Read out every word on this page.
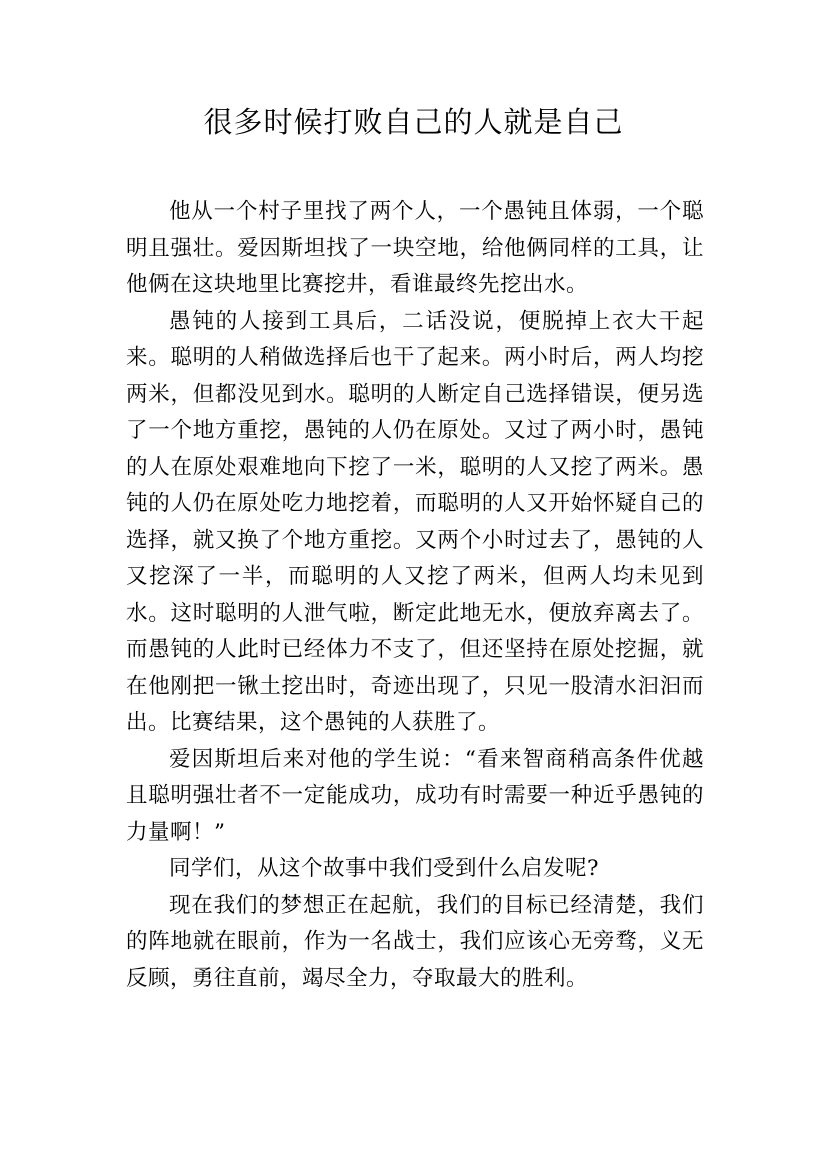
很多时候打败自己的人就是自己

他从一个村子里找了两个人，一个愚钝且体弱，一个聪明且强壮。爱因斯坦找了一块空地，给他俩同样的工具，让他俩在这块地里比赛挖井，看谁最终先挖出水。

愚钝的人接到工具后，二话没说，便脱掉上衣大干起来。聪明的人稍做选择后也干了起来。两小时后，两人均挖两米，但都没见到水。聪明的人断定自己选择错误，便另选了一个地方重挖，愚钝的人仍在原处。又过了两小时，愚钝的人在原处艰难地向下挖了一米，聪明的人又挖了两米。愚钝的人仍在原处吃力地挖着，而聪明的人又开始怀疑自己的选择，就又换了个地方重挖。又两个小时过去了，愚钝的人又挖深了一半，而聪明的人又挖了两米，但两人均未见到水。这时聪明的人泄气啦，断定此地无水，便放弃离去了。而愚钝的人此时已经体力不支了，但还坚持在原处挖掘，就在他刚把一锹土挖出时，奇迹出现了，只见一股清水汩汩而出。比赛结果，这个愚钝的人获胜了。

爱因斯坦后来对他的学生说：“看来智商稍高条件优越且聪明强壮者不一定能成功，成功有时需要一种近乎愚钝的力量啊！”

同学们，从这个故事中我们受到什么启发呢?

现在我们的梦想正在起航，我们的目标已经清楚，我们的阵地就在眼前，作为一名战士，我们应该心无旁骛，义无反顾，勇往直前，竭尽全力，夺取最大的胜利。
